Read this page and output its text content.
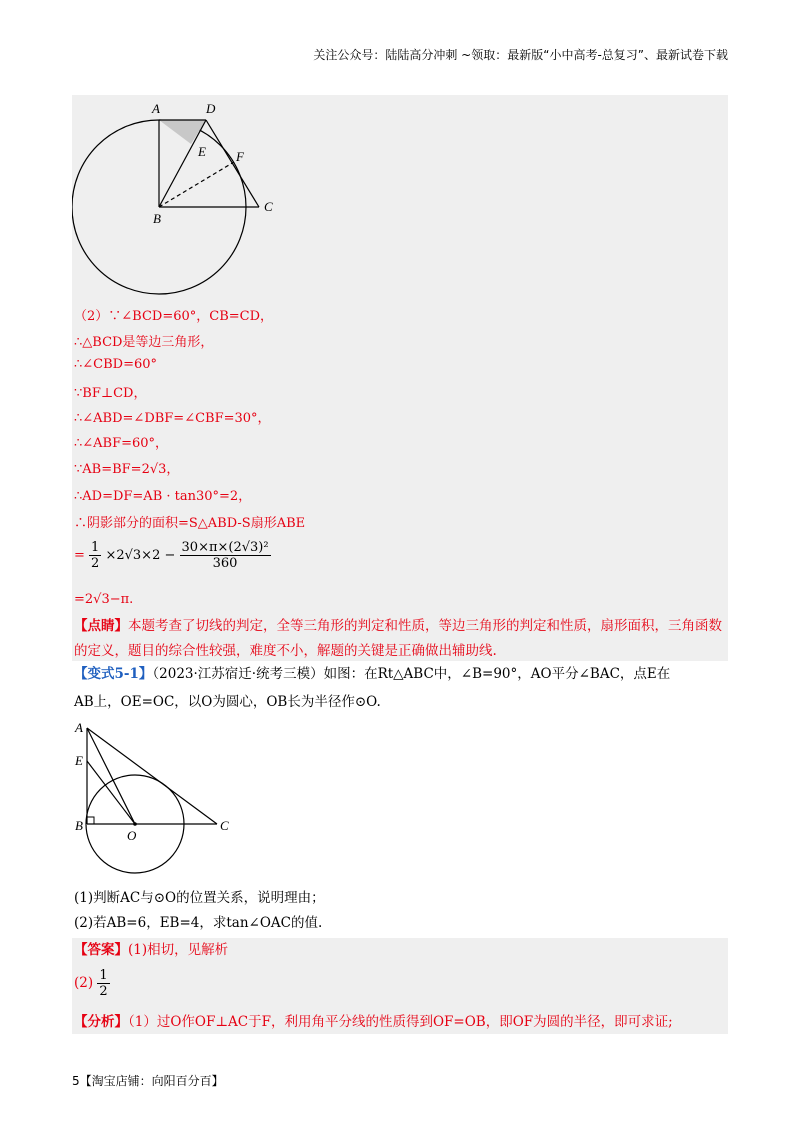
关注公众号：陆陆高分冲刺 ~领取：最新版“小中高考-总复习”、最新试卷下载
A	D
E F
B
C
（2）∵∠BCD=60°，CB=CD，
∴△BCD是等边三角形，
∴∠CBD=60°
∵BF⊥CD，
∴∠ABD=∠DBF=∠CBF=30°，
∴∠ABF=60°，
∵AB=BF=2√3，
∴AD=DF=AB · tan30°=2，
∴阴影部分的面积=S△ABD-S扇形ABE
= $\frac{1}{2} \times 2√3\times 2 - \frac{\text{30×π×(2√3)²}}{360}$
=2√3−π.
【点睛】本题考查了切线的判定，全等三角形的判定和性质，等边三角形的判定和性质，扇形面积，三角函数的定义，题目的综合性较强，难度不小，解题的关键是正确做出辅助线.
【变式5-1】（2023·江苏宿迁·统考三模）如图：在Rt△ABC中，∠B=90°，AO平分∠BAC，点E在
AB上，OE=OC，以O为圆心，OB长为半径作⊙O.
A
E
B
O
C
(1)判断AC与⊙O的位置关系，说明理由；
(2)若AB=6，EB=4，求tan∠OAC的值.
【答案】(1)相切，见解析
$(2) \frac{1}{2}$
【分析】（1）过O作OF⊥AC于F，利用角平分线的性质得到OF=OB，即OF为圆的半径，即可求证;
5【淘宝店铺：向阳百分百】
